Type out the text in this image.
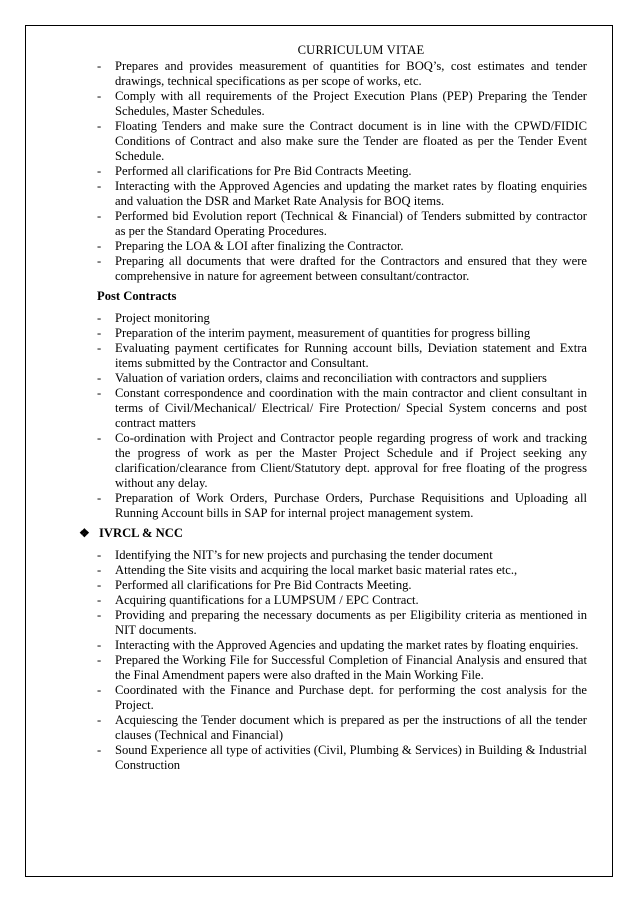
CURRICULUM VITAE
- Prepares and provides measurement of quantities for BOQ’s, cost estimates and tender drawings, technical specifications as per scope of works, etc.
- Comply with all requirements of the Project Execution Plans (PEP) Preparing the Tender Schedules, Master Schedules.
- Floating Tenders and make sure the Contract document is in line with the CPWD/FIDIC Conditions of Contract and also make sure the Tender are floated as per the Tender Event Schedule.
- Performed all clarifications for Pre Bid Contracts Meeting.
- Interacting with the Approved Agencies and updating the market rates by floating enquiries and valuation the DSR and Market Rate Analysis for BOQ items.
- Performed bid Evolution report (Technical & Financial) of Tenders submitted by contractor as per the Standard Operating Procedures.
- Preparing the LOA & LOI after finalizing the Contractor.
- Preparing all documents that were drafted for the Contractors and ensured that they were comprehensive in nature for agreement between consultant/contractor.
Post Contracts
- Project monitoring
- Preparation of the interim payment, measurement of quantities for progress billing
- Evaluating payment certificates for Running account bills, Deviation statement and Extra items submitted by the Contractor and Consultant.
- Valuation of variation orders, claims and reconciliation with contractors and suppliers
- Constant correspondence and coordination with the main contractor and client consultant in terms of Civil/Mechanical/ Electrical/ Fire Protection/ Special System concerns and post contract matters
- Co-ordination with Project and Contractor people regarding progress of work and tracking the progress of work as per the Master Project Schedule and if Project seeking any clarification/clearance from Client/Statutory dept. approval for free floating of the progress without any delay.
- Preparation of Work Orders, Purchase Orders, Purchase Requisitions and Uploading all Running Account bills in SAP for internal project management system.
❖ IVRCL & NCC
- Identifying the NIT’s for new projects and purchasing the tender document
- Attending the Site visits and acquiring the local market basic material rates etc.,
- Performed all clarifications for Pre Bid Contracts Meeting.
- Acquiring quantifications for a LUMPSUM / EPC Contract.
- Providing and preparing the necessary documents as per Eligibility criteria as mentioned in NIT documents.
- Interacting with the Approved Agencies and updating the market rates by floating enquiries.
- Prepared the Working File for Successful Completion of Financial Analysis and ensured that the Final Amendment papers were also drafted in the Main Working File.
- Coordinated with the Finance and Purchase dept. for performing the cost analysis for the Project.
- Acquiescing the Tender document which is prepared as per the instructions of all the tender clauses (Technical and Financial)
- Sound Experience all type of activities (Civil, Plumbing & Services) in Building & Industrial Construction
